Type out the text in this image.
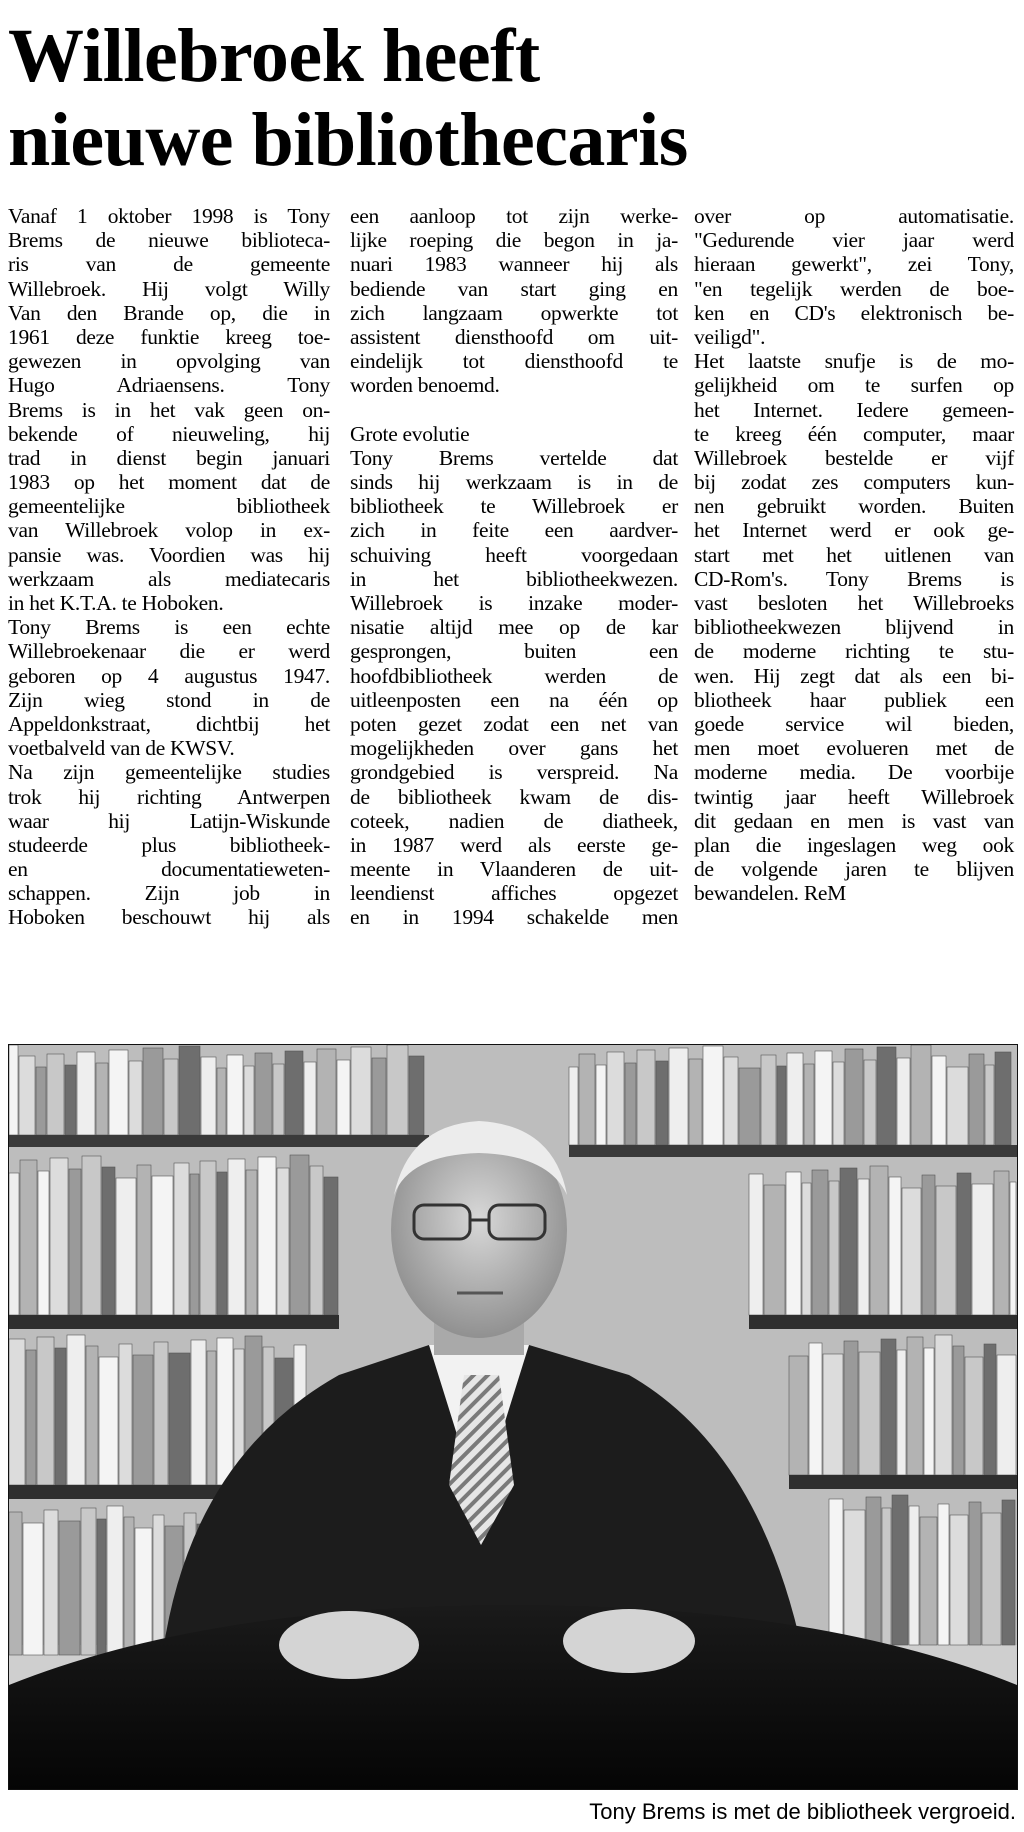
Willebroek heeft
nieuwe bibliothecaris
Vanaf 1 oktober 1998 is Tony
Brems de nieuwe biblioteca-
ris van de gemeente
Willebroek. Hij volgt Willy
Van den Brande op, die in
1961 deze funktie kreeg toe-
gewezen in opvolging van
Hugo Adriaensens. Tony
Brems is in het vak geen on-
bekende of nieuweling, hij
trad in dienst begin januari
1983 op het moment dat de
gemeentelijke bibliotheek
van Willebroek volop in ex-
pansie was. Voordien was hij
werkzaam als mediatecaris
in het K.T.A. te Hoboken.
Tony Brems is een echte
Willebroekenaar die er werd
geboren op 4 augustus 1947.
Zijn wieg stond in de
Appeldonkstraat, dichtbij het
voetbalveld van de KWSV.
Na zijn gemeentelijke studies
trok hij richting Antwerpen
waar hij Latijn-Wiskunde
studeerde plus bibliotheek-
en documentatieweten-
schappen. Zijn job in
Hoboken beschouwt hij als
een aanloop tot zijn werke-
lijke roeping die begon in ja-
nuari 1983 wanneer hij als
bediende van start ging en
zich langzaam opwerkte tot
assistent diensthoofd om uit-
eindelijk tot diensthoofd te
worden benoemd.
Grote evolutie
Tony Brems vertelde dat
sinds hij werkzaam is in de
bibliotheek te Willebroek er
zich in feite een aardver-
schuiving heeft voorgedaan
in het bibliotheekwezen.
Willebroek is inzake moder-
nisatie altijd mee op de kar
gesprongen, buiten een
hoofdbibliotheek werden de
uitleenposten een na één op
poten gezet zodat een net van
mogelijkheden over gans het
grondgebied is verspreid. Na
de bibliotheek kwam de dis-
coteek, nadien de diatheek,
in 1987 werd als eerste ge-
meente in Vlaanderen de uit-
leendienst affiches opgezet
en in 1994 schakelde men
over op automatisatie.
"Gedurende vier jaar werd
hieraan gewerkt", zei Tony,
"en tegelijk werden de boe-
ken en CD's elektronisch be-
veiligd".
Het laatste snufje is de mo-
gelijkheid om te surfen op
het Internet. Iedere gemeen-
te kreeg één computer, maar
Willebroek bestelde er vijf
bij zodat zes computers kun-
nen gebruikt worden. Buiten
het Internet werd er ook ge-
start met het uitlenen van
CD-Rom's. Tony Brems is
vast besloten het Willebroeks
bibliotheekwezen blijvend in
de moderne richting te stu-
wen. Hij zegt dat als een bi-
bliotheek haar publiek een
goede service wil bieden,
men moet evolueren met de
moderne media. De voorbije
twintig jaar heeft Willebroek
dit gedaan en men is vast van
plan die ingeslagen weg ook
de volgende jaren te blijven
bewandelen. ReM
Tony Brems is met de bibliotheek vergroeid.
